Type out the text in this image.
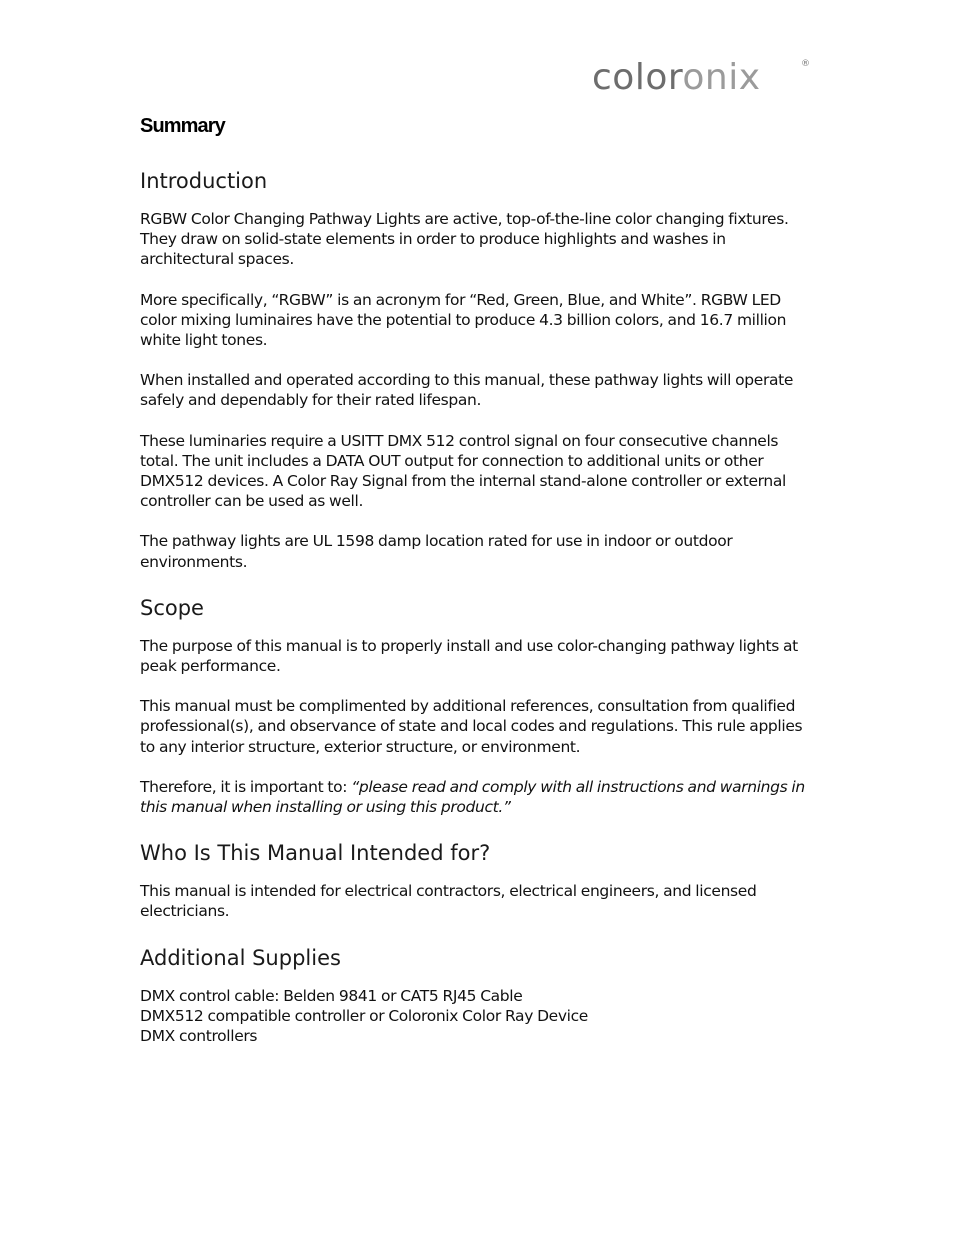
coloronix	®
Summary
Introduction

RGBW Color Changing Pathway Lights are active, top-of-the-line color changing fixtures. They draw on solid-state elements in order to produce highlights and washes in architectural spaces.

More specifically, “RGBW” is an acronym for “Red, Green, Blue, and White”. RGBW LED color mixing luminaires have the potential to produce 4.3 billion colors, and 16.7 million white light tones.

When installed and operated according to this manual, these pathway lights will operate safely and dependably for their rated lifespan.

These luminaries require a USITT DMX 512 control signal on four consecutive channels total. The unit includes a DATA OUT output for connection to additional units or other DMX512 devices. A Color Ray Signal from the internal stand-alone controller or external controller can be used as well.

The pathway lights are UL 1598 damp location rated for use in indoor or outdoor environments.

Scope

The purpose of this manual is to properly install and use color-changing pathway lights at peak performance.

This manual must be complimented by additional references, consultation from qualified professional(s), and observance of state and local codes and regulations. This rule applies to any interior structure, exterior structure, or environment.

Therefore, it is important to: “please read and comply with all instructions and warnings in this manual when installing or using this product.”

Who Is This Manual Intended for?

This manual is intended for electrical contractors, electrical engineers, and licensed electricians.

Additional Supplies
DMX control cable: Belden 9841 or CAT5 RJ45 Cable
DMX512 compatible controller or Coloronix Color Ray Device
DMX controllers
